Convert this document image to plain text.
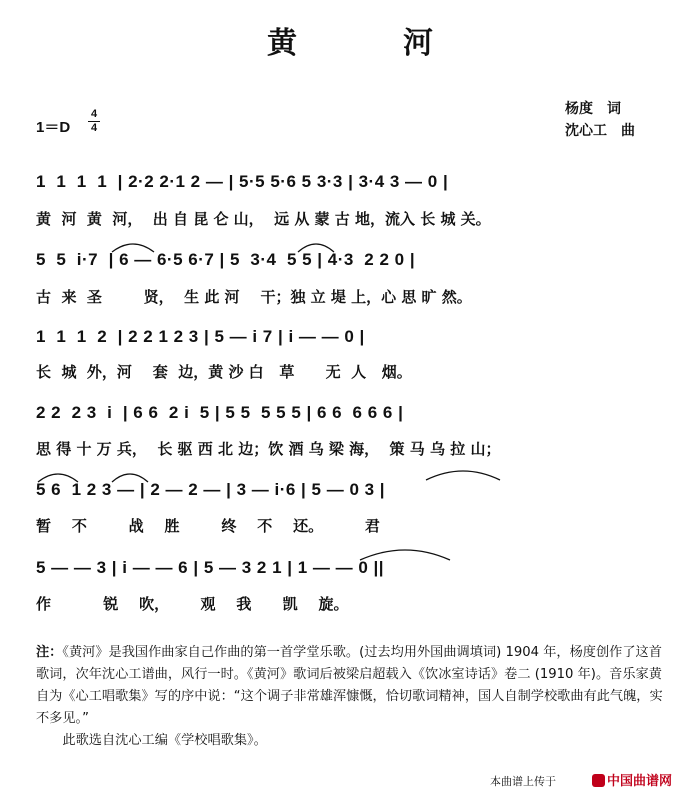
黄　河
1＝D
4
4
杨度　词
沈心工　曲
1  1  1  1  | 2·2 2·1 2 — | 5·5 5·6 5 3·3 | 3·4 3 — 0 |
黄  河  黄  河，  出 自 昆 仑 山，  远 从 蒙 古 地，流入 长 城 关。
5  5  i·7  | 6 — 6·5 6·7 | 5  3·4  5 5 | 4·3  2 2 0 |
古  来  圣        贤，  生 此 河    干；独 立 堤 上，心 思 旷 然。
1  1  1  2  | 2 2 1 2 3 | 5 — i 7 | i — — 0 |
长  城  外，河    套  边，黄 沙 白   草      无  人   烟。
2 2  2 3  i  | 6 6  2 i  5 | 5 5  5 5 5 | 6 6  6 6 6 |
思 得 十 万 兵，  长 驱 西 北 边；饮 酒 乌 梁 海，  策 马 乌 拉 山；
5 6  1 2 3 — | 2 — 2 — | 3 — i·6 | 5 — 0 3 |
暂    不        战    胜        终    不    还。        君
5 — — 3 | i — — 6 | 5 — 3 2 1 | 1 — — 0 ||
作          锐    吹，      观    我      凯    旋。

注：《黄河》是我国作曲家自己作曲的第一首学堂乐歌。(过去均用外国曲调填词) 1904 年，杨度创作了这首歌词，次年沈心工谱曲，风行一时。《黄河》歌词后被梁启超载入《饮冰室诗话》卷二 (1910 年)。音乐家黄自为《心工唱歌集》写的序中说：“这个调子非常雄浑慷慨，恰切歌词精神，国人自制学校歌曲有此气魄，实不多见。”

此歌选自沈心工编《学校唱歌集》。

本曲谱上传于	中国曲谱网
